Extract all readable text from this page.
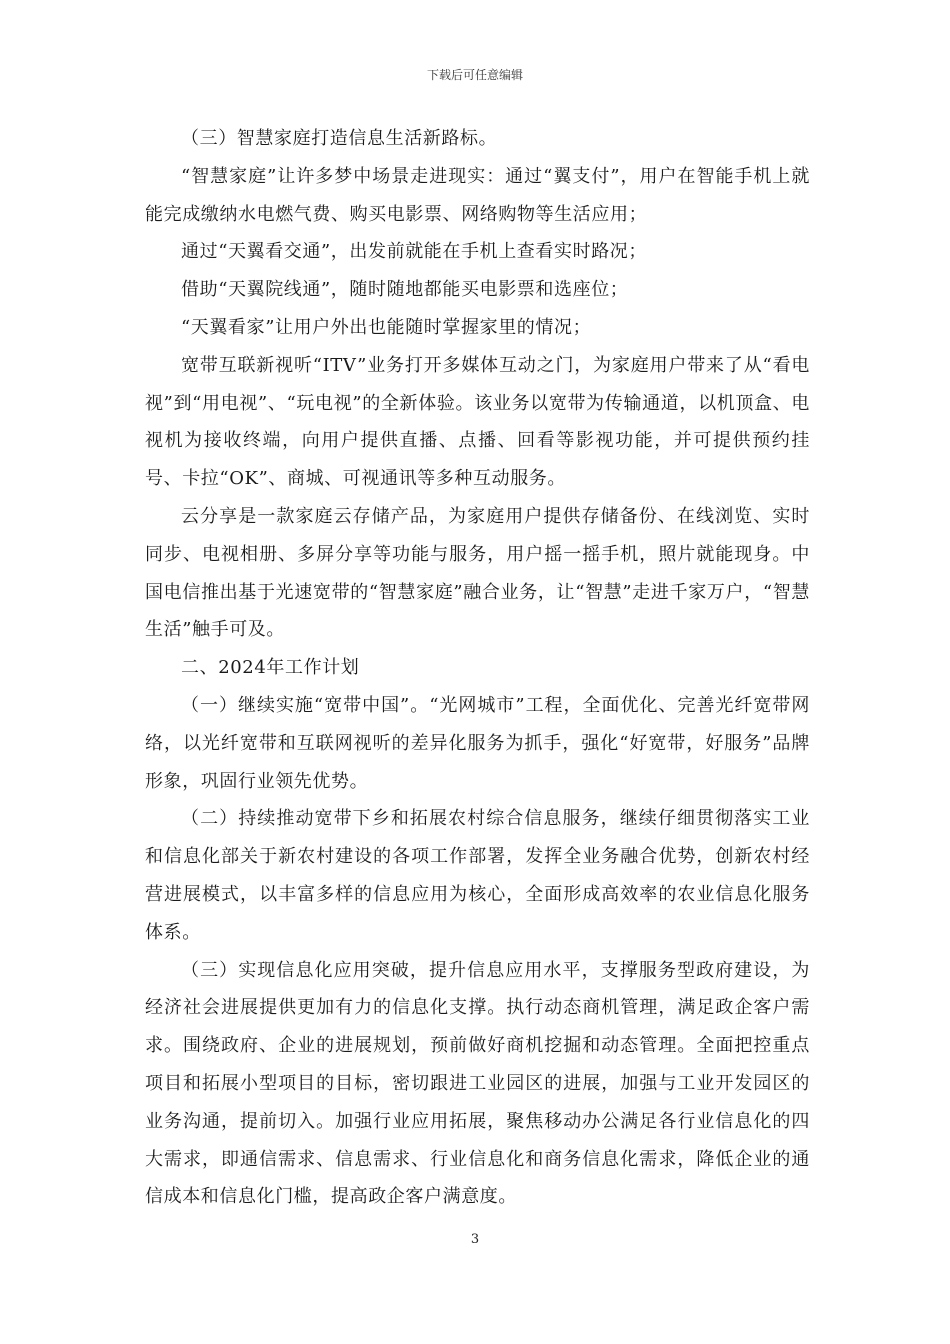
下载后可任意编辑

（三）智慧家庭打造信息生活新路标。

“智慧家庭”让许多梦中场景走进现实：通过“翼支付”，用户在智能手机上就能完成缴纳水电燃气费、购买电影票、网络购物等生活应用；

通过“天翼看交通”，出发前就能在手机上查看实时路况；

借助“天翼院线通”，随时随地都能买电影票和选座位；

“天翼看家”让用户外出也能随时掌握家里的情况；

宽带互联新视听“ITV”业务打开多媒体互动之门，为家庭用户带来了从“看电视”到“用电视”、“玩电视”的全新体验。该业务以宽带为传输通道，以机顶盒、电视机为接收终端，向用户提供直播、点播、回看等影视功能，并可提供预约挂号、卡拉“OK”、商城、可视通讯等多种互动服务。

云分享是一款家庭云存储产品，为家庭用户提供存储备份、在线浏览、实时同步、电视相册、多屏分享等功能与服务，用户摇一摇手机，照片就能现身。中国电信推出基于光速宽带的“智慧家庭”融合业务，让“智慧”走进千家万户，“智慧生活”触手可及。

二、2024年工作计划

（一）继续实施“宽带中国”。“光网城市”工程，全面优化、完善光纤宽带网络，以光纤宽带和互联网视听的差异化服务为抓手，强化“好宽带，好服务”品牌形象，巩固行业领先优势。

（二）持续推动宽带下乡和拓展农村综合信息服务，继续仔细贯彻落实工业和信息化部关于新农村建设的各项工作部署，发挥全业务融合优势，创新农村经营进展模式，以丰富多样的信息应用为核心，全面形成高效率的农业信息化服务体系。

（三）实现信息化应用突破，提升信息应用水平，支撑服务型政府建设，为经济社会进展提供更加有力的信息化支撑。执行动态商机管理，满足政企客户需求。围绕政府、企业的进展规划，预前做好商机挖掘和动态管理。全面把控重点项目和拓展小型项目的目标，密切跟进工业园区的进展，加强与工业开发园区的业务沟通，提前切入。加强行业应用拓展，聚焦移动办公满足各行业信息化的四大需求，即通信需求、信息需求、行业信息化和商务信息化需求，降低企业的通信成本和信息化门槛，提高政企客户满意度。

3
